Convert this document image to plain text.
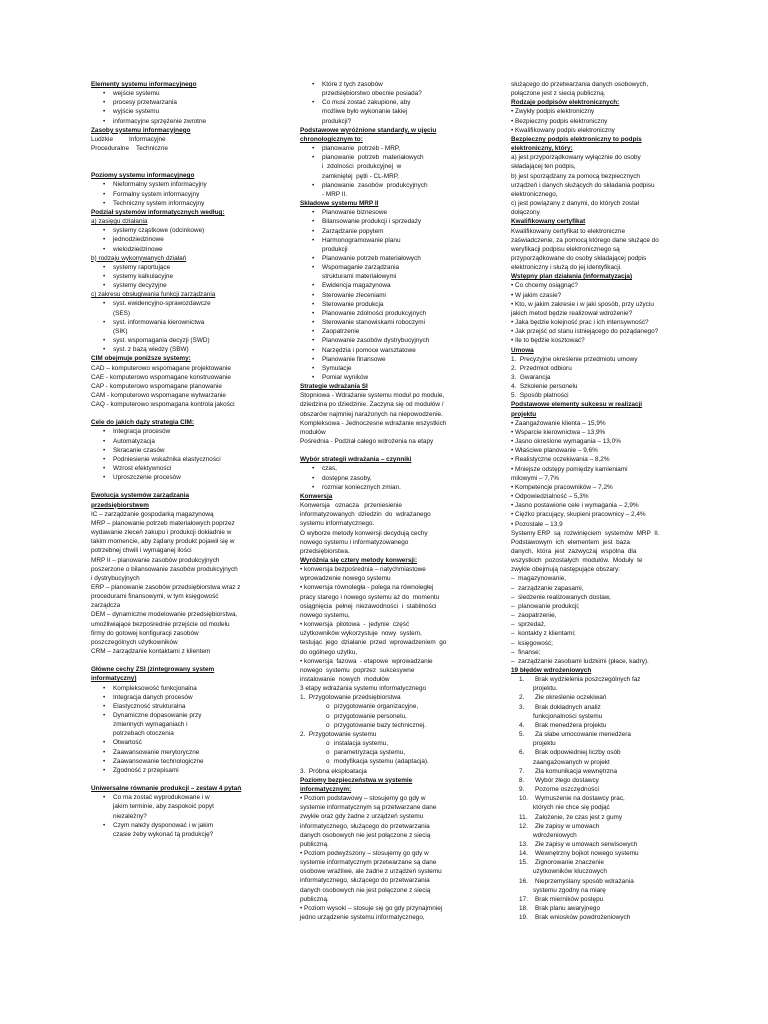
Elementy systemu informacyjnego
• wejście systemu
• procesy przetwarzania
• wyjście systemu
• informacyjne sprzężenie zwrotne
Zasoby systemu informacyjnego
Ludzkie         Informacyjne
Proceduralne    Techniczne
Poziomy systemu informacyjnego
• Nieformalny system informacyjny
• Formalny system informacyjny
• Techniczny system informacyjny
Podział systemów informatycznych według:
a) zasięgu działania
• systemy cząstkowe (odcinkowe)
• jednodziedzinowe
• wielodziedzinowe
b) rodzaju wykonywanych działań
• systemy raportujące
• systemy kalkulacyjne
• systemy decyzyjne
c) zakresu obsługiwania funkcji zarządzania
• syst. ewidencyjno-sprawozdawcze
(SES)
• syst. informowania kierownictwa
(SIK)
• syst. wspomagania decyzji (SWD)
• syst. z bazą wiedzy (SBW)
CIM obejmuje poniższe systemy:
CAD – komputerowo wspomagane projektowanie
CAE - komputerowo wspomagane konstruowanie
CAP - komputerowo wspomagane planowanie
CAM - komputerowo wspomagane wytwarzanie
CAQ - komputerowo wspomagana kontrola jakości
Cele do jakich dąży strategia CIM:
• Integracja procesów
• Automatyzacja
• Skracanie czasów
• Podniesienie wskaźnika elastyczności
• Wzrost efektywności
• Uproszczenie procesów
Ewolucja systemów zarządzania
przedsiębiorstwem
IC – zarządzanie gospodarką magazynową
MRP – planowanie potrzeb materiałowych poprzez
wydawanie zleceń zakupu i produkcji dokładnie w
takim momencie, aby żądany produkt pojawił się w
potrzebnej chwili i wymaganej ilości
MRP II – planowanie zasobów produkcyjnych
poszerzone o bilansowanie zasobów produkcyjnych
i dystrybucyjnych
ERP – planowanie zasobów przedsiębiorstwa wraz z
procedurami finansowymi, w tym księgowość
zarządcza
DEM – dynamiczne modelowanie przedsiębiorstwa,
umożliwiające bezpośrednie przejście od modelu
firmy do gotowej konfiguracji zasobów
poszczególnych użytkowników
CRM – zarządzanie kontaktami z klientem
Główne cechy ZSI (zintegrowany system
informatyczny)
• Kompleksowość funkcjonalna
• Integracja danych procesów
• Elastyczność strukturalna
• Dynamiczne dopasowanie przy
zmiennych wymaganiach i
potrzebach otoczenia
• Otwartość
• Zaawansowanie merytoryczne
• Zaawansowanie technologiczne
• Zgodność z przepisami
Uniwersalne równanie produkcji – zestaw 4 pytań
• Co ma zostać wyprodukowane i w
jakim terminie, aby zaspokoić popyt
niezależny?
• Czym należy dysponować i w jakim
czasie żeby wykonać tą produkcję?
• Które z tych zasobów
przedsiębiorstwo obecnie posiada?
• Co musi zostać zakupione, aby
możliwe było wykonanie takiej
produkcji?
Podstawowe wyróżnione standardy, w ujęciu
chronologicznym to:
• planowanie  potrzeb - MRP,
• planowanie  potrzeb  materiałowych
i  zdolności  produkcyjnej  w
zamkniętej  pętli - CL-MRP,
• planowanie  zasobów  produkcyjnych
- MRP II.
Składowe systemu MRP II
• Planowanie biznesowe
• Bilansowanie produkcji i sprzedaży
• Zarządzanie popytem
• Harmonogramowanie planu
produkcji
• Planowanie potrzeb materiałowych
• Wspomaganie zarządzania
strukturami materiałowymi
• Ewidencja magazynowa
• Sterowanie zleceniami
• Sterowanie produkcja
• Planowanie zdolności produkcyjnych
• Sterowanie stanowiskami roboczymi
• Zaopatrzenie
• Planowanie zasobów dystrybucyjnych
• Narzędzia i pomoce warsztatowe
• Planowanie finansowe
• Symulacje
• Pomiar wyników
Strategie wdrażania SI
Stopniowa - Wdrażanie systemu moduł po module,
dziedzina po dziedzinie. Zaczyna się od modułów /
obszarów najmniej narażonych na niepowodzenie.
Kompleksowa - Jednoczesne wdrażanie wszystkich
modułów
Pośrednia - Podział całego wdrożenia na etapy
Wybór strategii wdrażania – czynniki
• czas,
• dostępne zasoby,
• rozmiar koniecznych zmian.
Konwersja
Konwersja   oznacza   przeniesienie
informatyzowanych  dziedzin  do  wdrażanego
systemu informatycznego.
O wyborze metody konwersji decydują cechy
nowego systemu i informatyzowanego
przedsiębiorstwa.
Wyróżnia się cztery metody konwersji:
• konwersja bezpośrednia – natychmiastowe
wprowadzenie nowego systemu
• konwersja równoległa - polega na równoległej
pracy starego i nowego systemu aż do  momentu
osiągnięcia  pełnej  niezawodności  i  stabilności
nowego systemu,
• konwersja  pilotowa  -  jedynie  część
użytkowników wykorzystuje  nowy  system,
testując  jego  działanie  przed  wprowadzeniem  go
do ogólnego użytku,
• konwersja  fazowa  - etapowe  wprowadzanie
nowego  systemu  poprzez  sukcesywne
instalowanie  nowych  modułów
3 etapy wdrażania systemu informatycznego
1.  Przygotowanie przedsiębiorstwa
o przygotowanie organizacyjne,
o przygotowanie personelu,
o przygotowanie bazy technicznej.
2.  Przygotowanie systemu
o instalacja systemu,
o parametryzacja systemu,
o modyfikacja systemu (adaptacja).
3.  Próbna eksploatacja
Poziomy bezpieczeństwa w systemie
informatycznym:
• Poziom podstawowy – stosujemy go gdy w
systemie informatycznym są przetwarzane dane
zwykłe oraz gdy żadne z urządzeń systemu
informatycznego, służącego do przetwarzania
danych osobowych nie jest połączone z siecią
publiczną.
• Poziom podwyższony – stosujemy go gdy w
systemie informatycznym przetwarzane są dane
osobowe wrażliwe, ale żadne z urządzeń systemu
informatycznego, służącego do przetwarzania
danych osobowych nie jest połączone z siecią
publiczną.
• Poziom wysoki – stosuje się go gdy przynajmniej
jedno urządzenie systemu informatycznego,
służącego do przetwarzania danych osobowych,
połączone jest z siecią publiczną.
Rodzaje podpisów elektronicznych:
• Zwykły podpis elektroniczny
• Bezpieczny podpis elektroniczny
• Kwalifikowany podpis elektroniczny
Bezpieczny podpis elektroniczny to podpis
elektroniczny, który:
a) jest przyporządkowany wyłącznie do osoby
składającej ten podpis,
b) jest sporządzany za pomocą bezpiecznych
urządzeń i danych służących do składania podpisu
elektronicznego,
c) jest powiązany z danymi, do których został
dołączony
Kwalifikowany certyfikat
Kwalifikowany certyfikat to elektroniczne
zaświadczenie, za pomocą którego dane służące do
weryfikacji podpisu elektronicznego są
przyporządkowane do osoby składającej podpis
elektroniczny i służą do jej identyfikacji.
Wstępny plan działania (informatyzacja)
• Co chcemy osiągnąć?
• W jakim czasie?
• Kto, w jakim zakresie i w jaki sposób, przy użyciu
jakich metod będzie realizował wdrożenie?
• Jaka będzie kolejność prac i ich intensywność?
• Jak przejść od stanu istniejącego do pożądanego?
• Ile to będzie kosztować?
Umowa
1.  Precyzyjne określenie przedmiotu umowy
2.  Przedmiot odbioru
3.  Gwarancja
4.  Szkolenie personelu
5.  Sposób płatności
Podstawowe elementy sukcesu w realizacji
projektu
• Zaangażowanie klienta – 15,9%
• Wsparcie kierownictwa – 13,9%
• Jasno określone wymagania – 13,0%
• Właściwe planowanie – 9,6%
• Realistyczne oczekiwania – 8,2%
• Mniejsze odstępy pomiędzy kamieniami
milowymi – 7,7%
• Kompetencje pracowników – 7,2%
• Odpowiedzialność – 5,3%
• Jasno postawione cele i wymagania – 2,9%
• Ciężko pracujący, skupieni pracownicy – 2,4%
• Pozostałe – 13,9
Systemy ERP  są  rozwinięciem  systemów  MRP  II.
Podstawowym  ich  elementem  jest  baza
danych,  która  jest  zazwyczaj  wspólna  dla
wszystkich  pozostałych  modułów.  Moduły  te
zwykle obejmują następujące obszary:
–  magazynowanie,
–  zarządzanie zapasami,
–  śledzenie realizowanych dostaw,
–  planowanie produkcji;
–  zaopatrzenie,
–  sprzedaż,
–  kontakty z klientami;
–  księgowość;
–  finanse;
–  zarządzanie zasobami ludzkimi (płace, kadry).
19 błędów wdrożeniowych
1. Brak wydzielenia poszczególnych faz
projektu.
2. Złe określenie oczekiwań
3. Brak dokładnych analiz
funkcjonalności systemu
4. Brak menedżera projektu
5. Za słabe umocowanie menedżera
projektu
6. Brak odpowiedniej liczby osób
zaangażowanych w projekt
7. Zła komunikacja wewnętrzna
8. Wybór złego dostawcy
9. Pozorne oszczędności
10. Wymuszenie na dostawcy prac,
których nie chce się podjąć
11. Założenie, że czas jest z gumy
12. Złe zapisy w umowach
wdrożeniowych
13. Złe zapisy w umowach serwisowych
14. Wewnętrzny bojkot nowego systemu
15. Zignorowanie znaczenie
użytkowników kluczowych
16. Nieprzemyślany sposób wdrażania
systemu zgodny na miarę
17. Brak mierników postępu
18. Brak planu awaryjnego
19. Brak wniosków powdrożeniowych
